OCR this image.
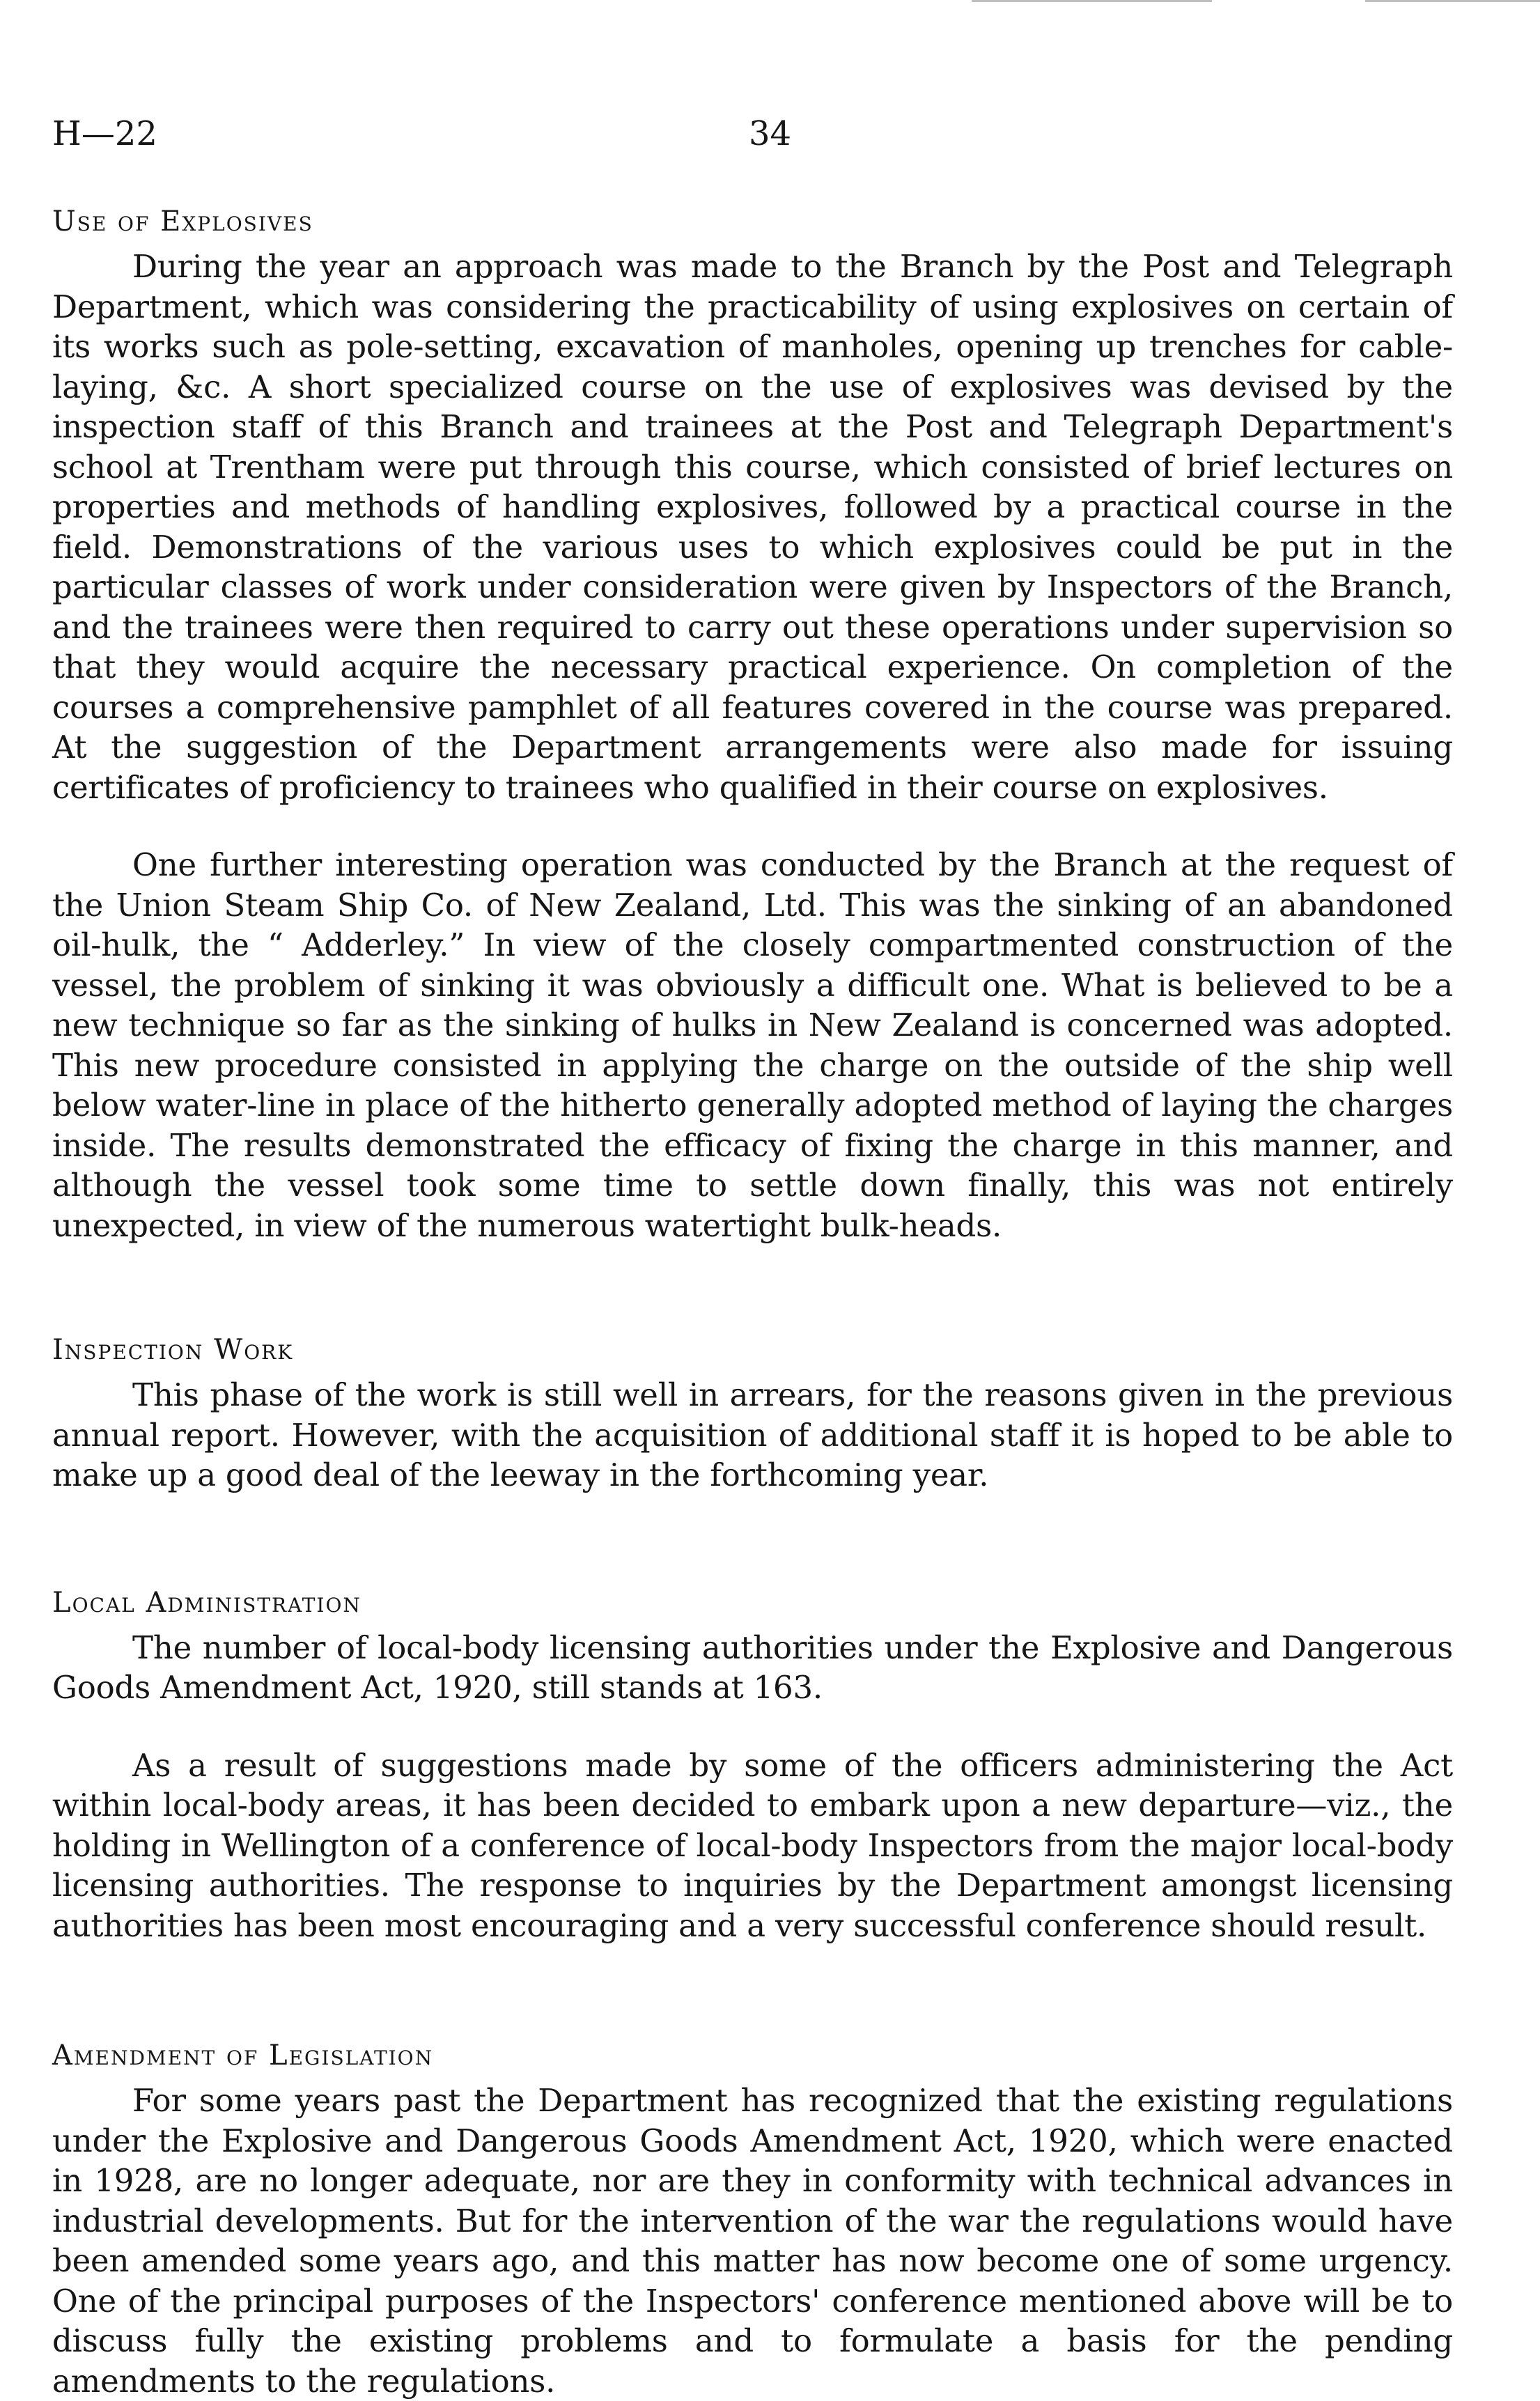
H—22	34
Use of Explosives

During the year an approach was made to the Branch by the Post and Telegraph Department, which was considering the practicability of using explosives on certain of its works such as pole-setting, excavation of manholes, opening up trenches for cable-laying, &c. A short specialized course on the use of explosives was devised by the inspection staff of this Branch and trainees at the Post and Telegraph Department's school at Trentham were put through this course, which consisted of brief lectures on properties and methods of handling explosives, followed by a practical course in the field. Demonstrations of the various uses to which explosives could be put in the particular classes of work under consideration were given by Inspectors of the Branch, and the trainees were then required to carry out these operations under supervision so that they would acquire the necessary practical experience. On completion of the courses a comprehensive pamphlet of all features covered in the course was prepared. At the suggestion of the Department arrangements were also made for issuing certificates of proficiency to trainees who qualified in their course on explosives.

One further interesting operation was conducted by the Branch at the request of the Union Steam Ship Co. of New Zealand, Ltd. This was the sinking of an abandoned oil-hulk, the “ Adderley.” In view of the closely compartmented construction of the vessel, the problem of sinking it was obviously a difficult one. What is believed to be a new technique so far as the sinking of hulks in New Zealand is concerned was adopted. This new procedure consisted in applying the charge on the outside of the ship well below water-line in place of the hitherto generally adopted method of laying the charges inside. The results demonstrated the efficacy of fixing the charge in this manner, and although the vessel took some time to settle down finally, this was not entirely unexpected, in view of the numerous watertight bulk-heads.

Inspection Work

This phase of the work is still well in arrears, for the reasons given in the previous annual report. However, with the acquisition of additional staff it is hoped to be able to make up a good deal of the leeway in the forthcoming year.

Local Administration

The number of local-body licensing authorities under the Explosive and Dangerous Goods Amendment Act, 1920, still stands at 163.

As a result of suggestions made by some of the officers administering the Act within local-body areas, it has been decided to embark upon a new departure—viz., the holding in Wellington of a conference of local-body Inspectors from the major local-body licensing authorities. The response to inquiries by the Department amongst licensing authorities has been most encouraging and a very successful conference should result.

Amendment of Legislation

For some years past the Department has recognized that the existing regulations under the Explosive and Dangerous Goods Amendment Act, 1920, which were enacted in 1928, are no longer adequate, nor are they in conformity with technical advances in industrial developments. But for the intervention of the war the regulations would have been amended some years ago, and this matter has now become one of some urgency. One of the principal purposes of the Inspectors' conference mentioned above will be to discuss fully the existing problems and to formulate a basis for the pending amendments to the regulations.
